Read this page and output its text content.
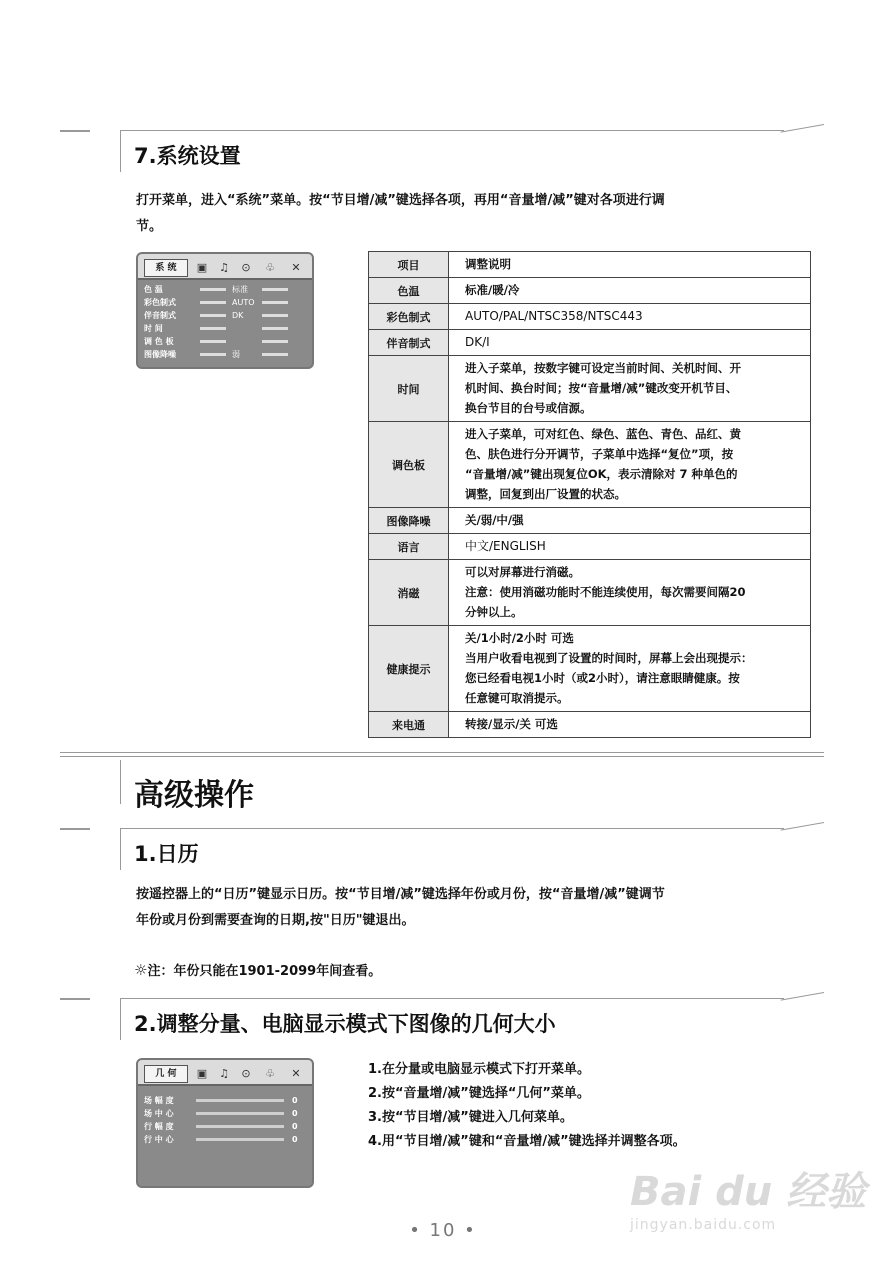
7.系统设置
打开菜单，进入“系统”菜单。按“节目增/减”键选择各项，再用“音量增/减”键对各项进行调
节。
系 统	▣ ♫	⊙	♧	✕
色 温	标准
彩色制式	AUTO
伴音制式	DK
时 间
调 色 板
图像降噪	弱
项目	调整说明
色温	标准/暖/冷
彩色制式	AUTO/PAL/NTSC358/NTSC443
伴音制式	DK/I
时间	进入子菜单，按数字键可设定当前时间、关机时间、开
机时间、换台时间；按“音量增/减”键改变开机节目、
换台节目的台号或信源。

调色板	进入子菜单，可对红色、绿色、蓝色、青色、品红、黄
色、肤色进行分开调节，子菜单中选择“复位”项，按
“音量增/减”键出现复位OK，表示清除对 7 种单色的
调整，回复到出厂设置的状态。

图像降噪	关/弱/中/强
语言	中文/ENGLISH
消磁	可以对屏幕进行消磁。
注意：使用消磁功能时不能连续使用，每次需要间隔20
分钟以上。

健康提示	关/1小时/2小时 可选
当用户收看电视到了设置的时间时，屏幕上会出现提示：
您已经看电视1小时（或2小时），请注意眼睛健康。按
任意键可取消提示。

来电通	转接/显示/关 可选
高级操作
1.日历
按遥控器上的“日历”键显示日历。按“节目增/减”键选择年份或月份，按“音量增/减”键调节
年份或月份到需要查询的日期,按"日历"键退出。
☼注：年份只能在1901-2099年间查看。
2.调整分量、电脑显示模式下图像的几何大小
几 何	▣ ♫	⊙	♧	✕
场 幅 度	0
场 中 心	0
行 幅 度	0
行 中 心	0
1.在分量或电脑显示模式下打开菜单。
2.按“音量增/减”键选择“几何”菜单。
3.按“节目增/减”键进入几何菜单。
4.用“节目增/减”键和“音量增/减”键选择并调整各项。
• 10 •
Bai du 经验
jingyan.baidu.com
